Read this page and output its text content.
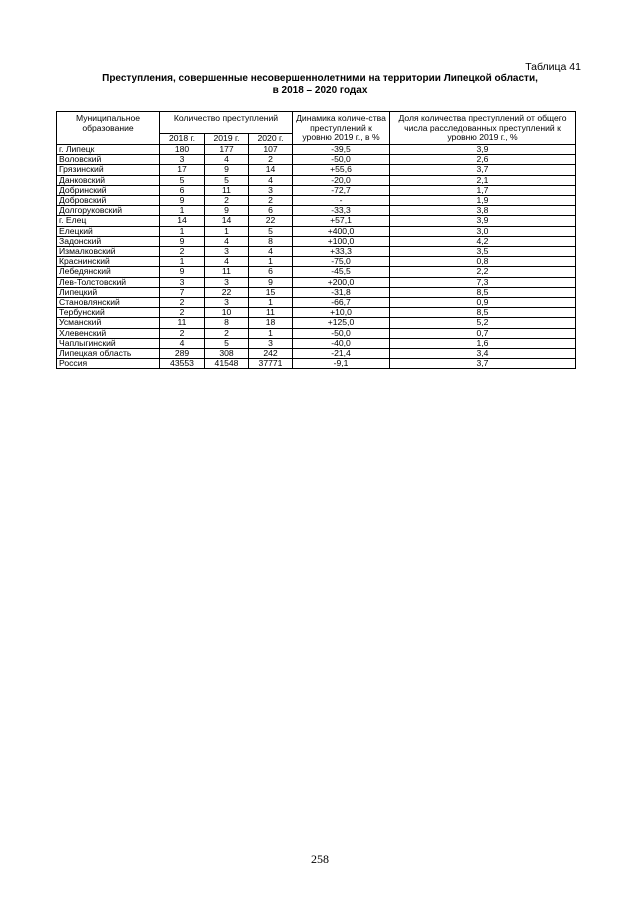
Таблица 41
Преступления, совершенные несовершеннолетними на территории Липецкой области,
в 2018 – 2020 годах
Муниципальное образование	Количество преступлений			Динамика количе-ства преступлений к уровню 2019 г., в %	Доля количества преступлений от общего числа расследованных преступлений к уровню 2019 г., %
	2018 г.	2019 г.	2020 г.		
г. Липецк	180	177	107	-39,5	3,9
Воловский	3	4	2	-50,0	2,6
Грязинский	17	9	14	+55,6	3,7
Данковский	5	5	4	-20,0	2,1
Добринский	6	11	3	-72,7	1,7
Добровский	9	2	2	-	1,9
Долгоруковский	1	9	6	-33,3	3,8
г. Елец	14	14	22	+57,1	3,9
Елецкий	1	1	5	+400,0	3,0
Задонский	9	4	8	+100,0	4,2
Измалковский	2	3	4	+33,3	3,5
Краснинский	1	4	1	-75,0	0,8
Лебедянский	9	11	6	-45,5	2,2
Лев-Толстовский	3	3	9	+200,0	7,3
Липецкий	7	22	15	-31,8	8,5
Становлянский	2	3	1	-66,7	0,9
Тербунский	2	10	11	+10,0	8,5
Усманский	11	8	18	+125,0	5,2
Хлевенский	2	2	1	-50,0	0,7
Чаплыгинский	4	5	3	-40,0	1,6
Липецкая область	289	308	242	-21,4	3,4
Россия	43553	41548	37771	-9,1	3,7
258
